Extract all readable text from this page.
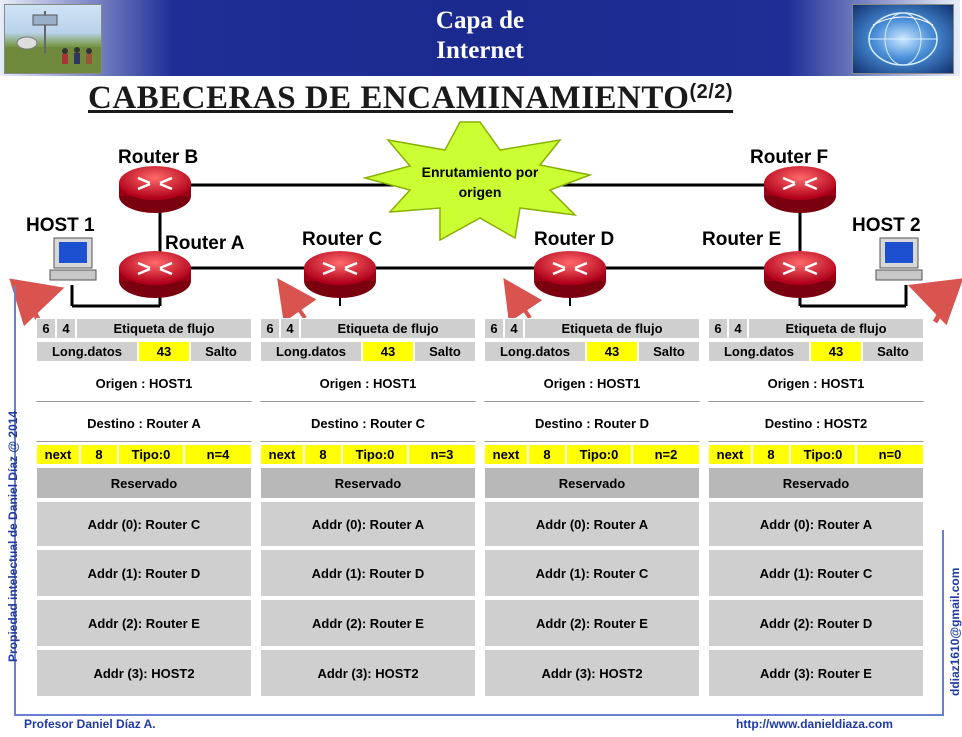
Capa de
Internet
CABECERAS DE $ENCAMINAMIENTO^{(2/2)}$
Enrutamiento por
origen
Router B	Router F
HOST 1	HOST 2
Router A	Router C	Router D	Router E
6 4	Etiqueta de flujo
Long.datos	43	Salto
Origen : HOST1
Destino : Router A
next	8	Tipo:0	n=4
Reservado
Addr (0): Router C
Addr (1): Router D
Addr (2): Router E
Addr (3): HOST2
6 4	Etiqueta de flujo
Long.datos	43	Salto
Origen : HOST1
Destino : Router C
next	8	Tipo:0	n=3
Reservado
Addr (0): Router A
Addr (1): Router D
Addr (2): Router E
Addr (3): HOST2
6 4	Etiqueta de flujo
Long.datos	43	Salto
Origen : HOST1
Destino : Router D
next	8	Tipo:0	n=2
Reservado
Addr (0): Router A
Addr (1): Router C
Addr (2): Router E
Addr (3): HOST2
6 4	Etiqueta de flujo
Long.datos	43	Salto
Origen : HOST1
Destino : HOST2
next	8	Tipo:0	n=0
Reservado
Addr (0): Router A
Addr (1): Router C
Addr (2): Router D
Addr (3): Router E
Propiedad intelectual de Daniel Díaz @ 2014	ddiaz1610@gmail.com
Profesor Daniel Díaz A.	http://www.danieldiaza.com
